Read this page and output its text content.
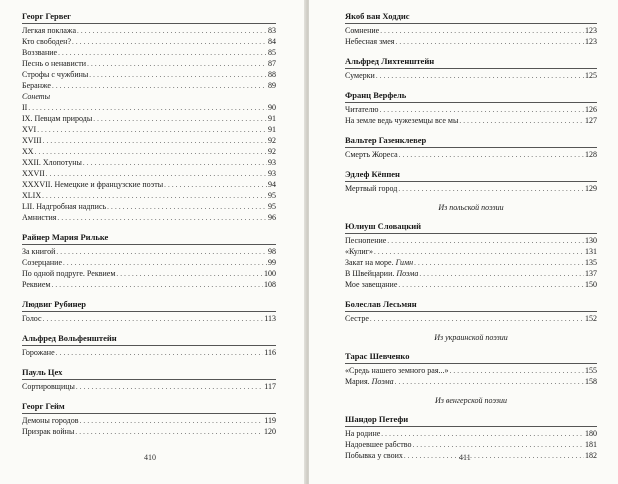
Георг Гервег
Легкая поклажа . . .	83
Кто свободен? . . .	84
Воззвание . . .	85
Песнь о ненависти . . .	87
Строфы с чужбины . . .	88
Беранже . . .	89
Сонеты
II . . .	90
IX. Певцам природы . . .	91
XVI . . .	91
XVIII . . .	92
XX . . .	92
XXII. Хлопотуны . . .	93
XXVII . . .	93
XXXVII. Немецкие и французские поэты . . .	94
XLIX . . .	95
LII. Надгробная надпись . . .	95
Амнистия . . .	96
Райнер Мария Рильке
За книгой . . .	98
Созерцание . . .	99
По одной подруге. Реквием . . .	100
Реквием . . .	108
Людвиг Рубинер
Голос . . .	113
Альфред Вольфенштейн
Горожане . . .	116
Пауль Цех
Сортировщицы . . .	117
Георг Гейм
Демоны городов . . .	119
Призрак войны . . .	120
410
Якоб ван Ходдис
Сомнение . . .	123
Небесная змея . . .	123
Альфред Лихтенштейн
Сумерки . . .	125
Франц Верфель
Читателю . . .	126
На земле ведь чужеземцы все мы . . .	127
Вальтер Газенклевер
Смерть Жореса . . .	128
Эдлеф Кёппен
Мертвый город . . .	129
Из польской поэзии
Юлиуш Словацкий
Песнопение . . .	130
«Кулиг» . . .	131
Закат на море. Гимн . . .	135
В Швейцарии. Поэма . . .	137
Мое завещание . . .	150
Болеслав Лесьмян
Сестре . . .	152
Из украинской поэзии
Тарас Шевченко
«Средь нашего земного рая...» . . .	155
Мария. Поэма . . .	158
Из венгерской поэзии
Шандор Петефи
На родине . . .	180
Надоевшее рабство . . .	181
Побывка у своих . . .	182
411
